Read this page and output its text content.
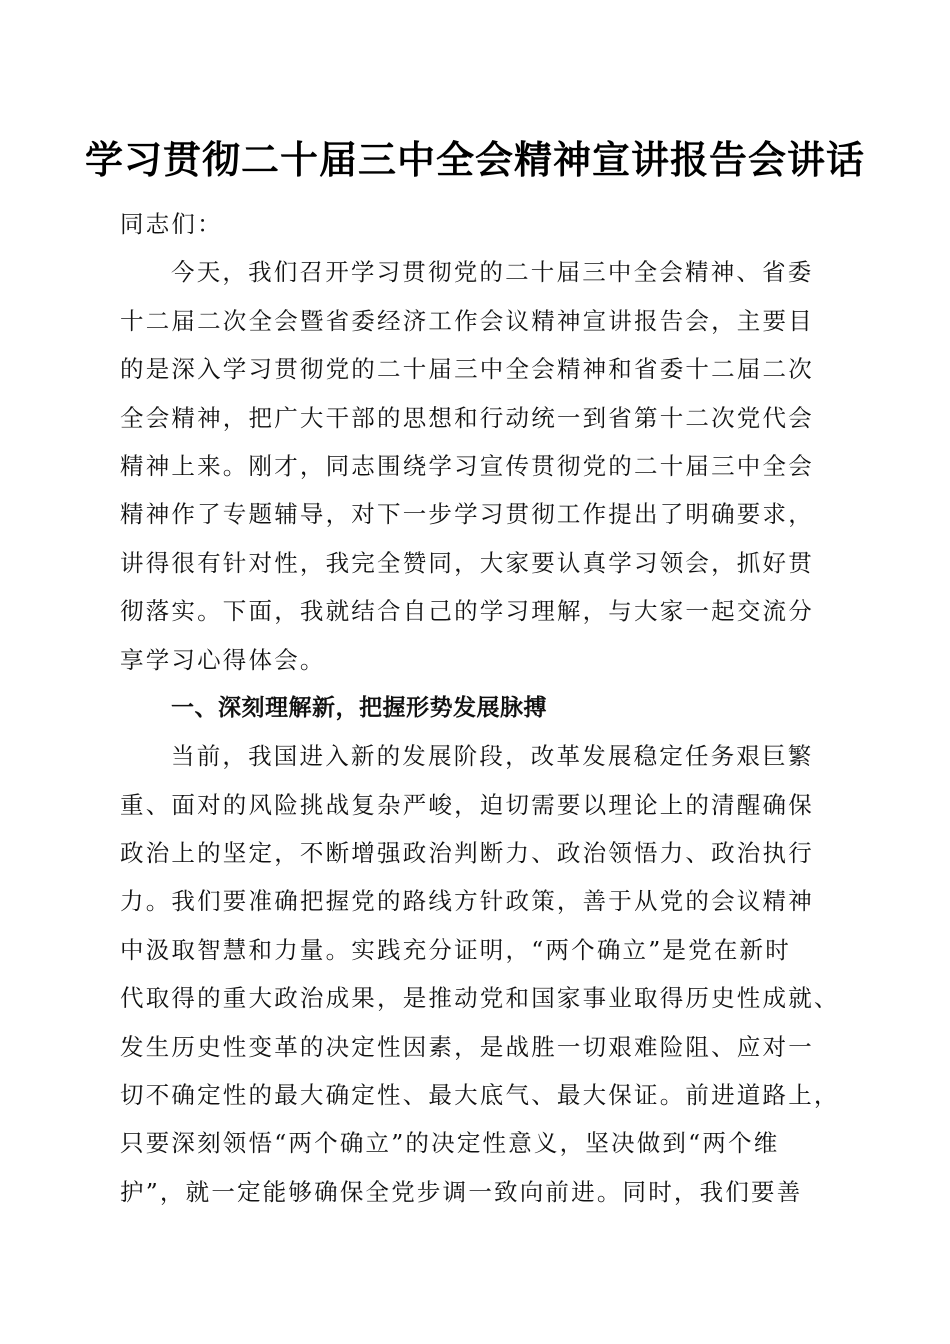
学习贯彻二十届三中全会精神宣讲报告会讲话
同志们：
今天，我们召开学习贯彻党的二十届三中全会精神、省委
十二届二次全会暨省委经济工作会议精神宣讲报告会，主要目
的是深入学习贯彻党的二十届三中全会精神和省委十二届二次
全会精神，把广大干部的思想和行动统一到省第十二次党代会
精神上来。刚才，同志围绕学习宣传贯彻党的二十届三中全会
精神作了专题辅导，对下一步学习贯彻工作提出了明确要求，
讲得很有针对性，我完全赞同，大家要认真学习领会，抓好贯
彻落实。下面，我就结合自己的学习理解，与大家一起交流分
享学习心得体会。
一、深刻理解新，把握形势发展脉搏
当前，我国进入新的发展阶段，改革发展稳定任务艰巨繁
重、面对的风险挑战复杂严峻，迫切需要以理论上的清醒确保
政治上的坚定，不断增强政治判断力、政治领悟力、政治执行
力。我们要准确把握党的路线方针政策，善于从党的会议精神
中汲取智慧和力量。实践充分证明，“两个确立”是党在新时
代取得的重大政治成果，是推动党和国家事业取得历史性成就、
发生历史性变革的决定性因素，是战胜一切艰难险阻、应对一
切不确定性的最大确定性、最大底气、最大保证。前进道路上，
只要深刻领悟“两个确立”的决定性意义，坚决做到“两个维
护”，就一定能够确保全党步调一致向前进。同时，我们要善
